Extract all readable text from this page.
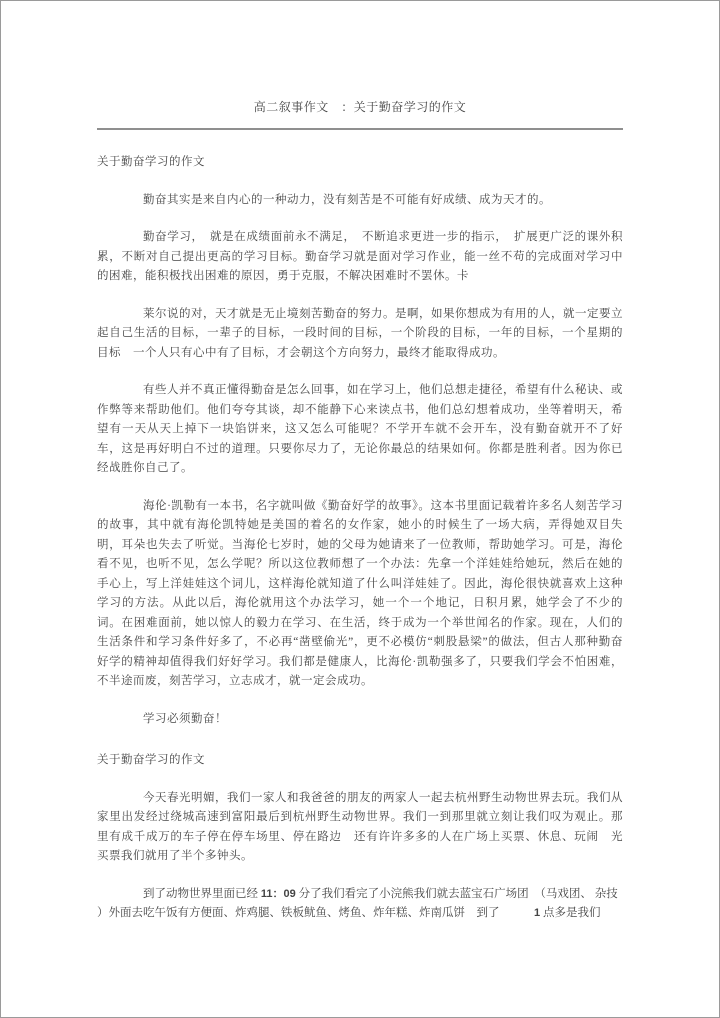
高二叙事作文　：关于勤奋学习的作文
关于勤奋学习的作文

勤奋其实是来自内心的一种动力，没有刻苦是不可能有好成绩、成为天才的。

勤奋学习，　就是在成绩面前永不满足，　不断追求更进一步的指示，　扩展更广泛的课外积累，不断对自己提出更高的学习目标。勤奋学习就是面对学习作业，能一丝不苟的完成面对学习中的困难，能积极找出困难的原因，勇于克服，不解决困难时不罢休。卡

莱尔说的对，天才就是无止境刻苦勤奋的努力。是啊，如果你想成为有用的人，就一定要立起自己生活的目标，一辈子的目标，一段时间的目标，一个阶段的目标，一年的目标，一个星期的目标　一个人只有心中有了目标，才会朝这个方向努力，最终才能取得成功。

有些人并不真正懂得勤奋是怎么回事，如在学习上，他们总想走捷径，希望有什么秘诀、或作弊等来帮助他们。他们夸夸其谈，却不能静下心来读点书，他们总幻想着成功，坐等着明天，希望有一天从天上掉下一块馅饼来，这又怎么可能呢？不学开车就不会开车，没有勤奋就开不了好车，这是再好明白不过的道理。只要你尽力了，无论你最总的结果如何。你都是胜利者。因为你已经战胜你自己了。

海伦·凯勒有一本书，名字就叫做《勤奋好学的故事》。这本书里面记载着许多名人刻苦学习的故事，其中就有海伦凯特她是美国的着名的女作家，她小的时候生了一场大病，弄得她双目失明，耳朵也失去了听觉。当海伦七岁时，她的父母为她请来了一位教师，帮助她学习。可是，海伦看不见，也听不见，怎么学呢？所以这位教师想了一个办法：先拿一个洋娃娃给她玩，然后在她的手心上，写上洋娃娃这个词儿，这样海伦就知道了什么叫洋娃娃了。因此，海伦很快就喜欢上这种学习的方法。从此以后，海伦就用这个办法学习，她一个一个地记，日积月累，她学会了不少的词。在困难面前，她以惊人的毅力在学习、在生活，终于成为一个举世闻名的作家。现在，人们的生活条件和学习条件好多了，不必再“凿壁偷光”，更不必模仿“刺股悬梁”的做法，但古人那种勤奋好学的精神却值得我们好好学习。我们都是健康人，比海伦·凯勒强多了，只要我们学会不怕困难，不半途而废，刻苦学习，立志成才，就一定会成功。

学习必须勤奋！

关于勤奋学习的作文

今天春光明媚，我们一家人和我爸爸的朋友的两家人一起去杭州野生动物世界去玩。我们从家里出发经过绕城高速到富阳最后到杭州野生动物世界。我们一到那里就立刻让我们叹为观止。那里有成千成万的车子停在停车场里、停在路边　还有许许多多的人在广场上买票、休息、玩闹　光买票我们就用了半个多钟头。

到了动物世界里面已经 11：09 分了我们看完了小浣熊我们就去蓝宝石广场团　（马戏团、 杂技
）外面去吃午饭有方便面、炸鸡腿、铁板鱿鱼、烤鱼、炸年糕、炸南瓜饼　到了　　　1 点多是我们
